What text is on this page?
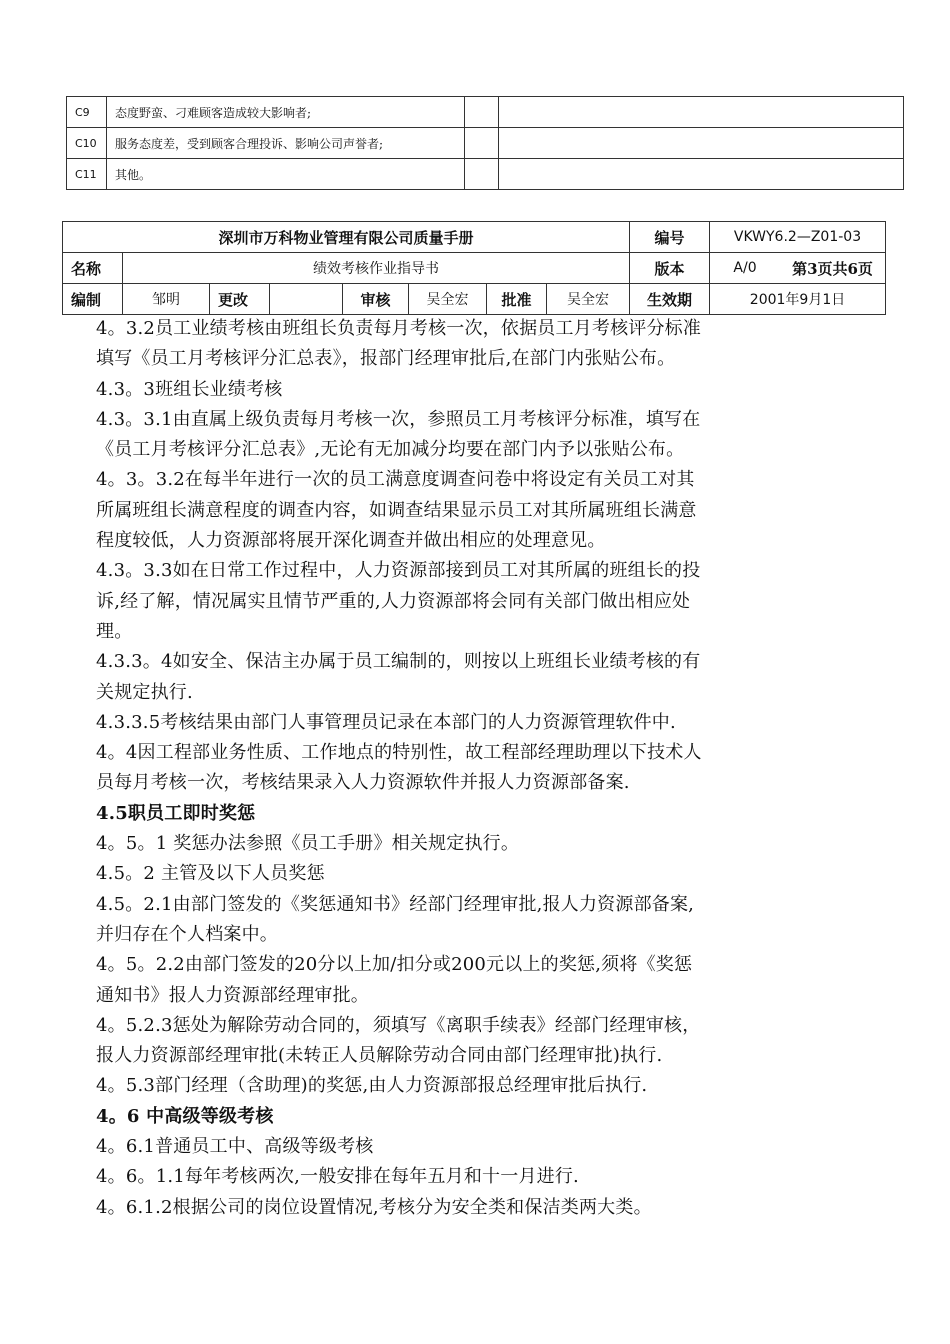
C9	态度野蛮、刁难顾客造成较大影响者;		
C10	服务态度差，受到顾客合理投诉、影响公司声誉者;		
C11	其他。		
深圳市万科物业管理有限公司质量手册								编号	VKWY6.2—Z01-03
名称	绩效考核作业指导书							版本	A/0 第3页共6页

编制	邹明	更改		审核	吴全宏	批准	吴全宏	生效期	2001年9月1日
4。3.2员工业绩考核由班组长负责每月考核一次，依据员工月考核评分标准
填写《员工月考核评分汇总表》，报部门经理审批后,在部门内张贴公布。
4.3。3班组长业绩考核
4.3。3.1由直属上级负责每月考核一次，参照员工月考核评分标准，填写在
《员工月考核评分汇总表》,无论有无加减分均要在部门内予以张贴公布。
4。3。3.2在每半年进行一次的员工满意度调查问卷中将设定有关员工对其
所属班组长满意程度的调查内容，如调查结果显示员工对其所属班组长满意
程度较低，人力资源部将展开深化调查并做出相应的处理意见。
4.3。3.3如在日常工作过程中，人力资源部接到员工对其所属的班组长的投
诉,经了解，情况属实且情节严重的,人力资源部将会同有关部门做出相应处
理。
4.3.3。4如安全、保洁主办属于员工编制的，则按以上班组长业绩考核的有
关规定执行.
4.3.3.5考核结果由部门人事管理员记录在本部门的人力资源管理软件中.
4。4因工程部业务性质、工作地点的特别性，故工程部经理助理以下技术人
员每月考核一次，考核结果录入人力资源软件并报人力资源部备案.
4.5职员工即时奖惩
4。5。1 奖惩办法参照《员工手册》相关规定执行。
4.5。2 主管及以下人员奖惩
4.5。2.1由部门签发的《奖惩通知书》经部门经理审批,报人力资源部备案,
并归存在个人档案中。
4。5。2.2由部门签发的20分以上加/扣分或200元以上的奖惩,须将《奖惩
通知书》报人力资源部经理审批。
4。5.2.3惩处为解除劳动合同的，须填写《离职手续表》经部门经理审核，
报人力资源部经理审批(未转正人员解除劳动合同由部门经理审批)执行.
4。5.3部门经理（含助理)的奖惩,由人力资源部报总经理审批后执行.
4。6 中高级等级考核
4。6.1普通员工中、高级等级考核
4。6。1.1每年考核两次,一般安排在每年五月和十一月进行.
4。6.1.2根据公司的岗位设置情况,考核分为安全类和保洁类两大类。
